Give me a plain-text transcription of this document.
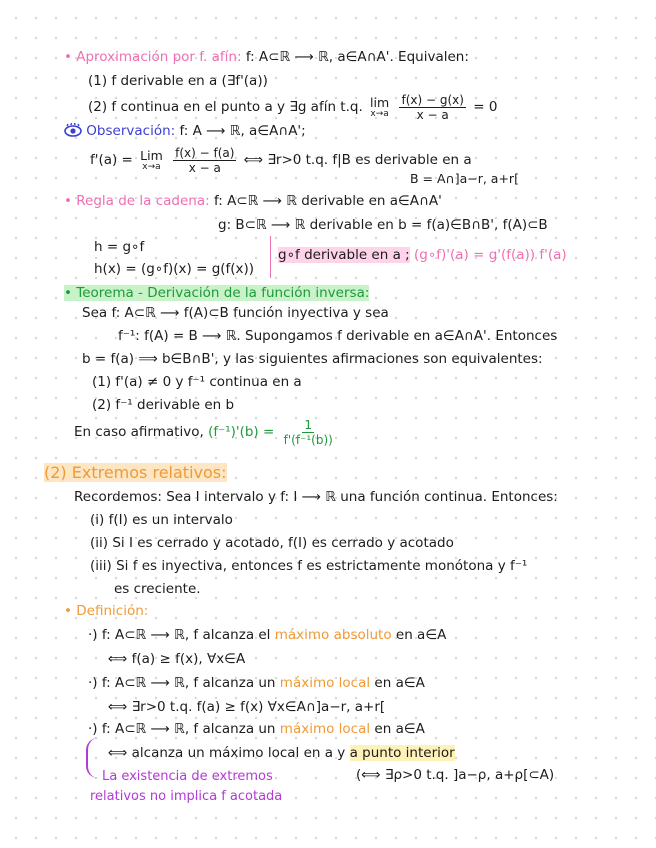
• Aproximación por f. afín: f: A⊂ℝ ⟶ ℝ, a∈A∩A'. Equivalen:
(1) f derivable en a (∃f'(a))
(2) f continua en el punto a y ∃g afín t.q. lim
x→a
$\frac{f(x) - g(x)}{x - a} = 0$
Observación: f: A ⟶ ℝ, a∈A∩A';
f'(a) = Lim
x→a
$\frac{f(x) - f(a)}{x - a}$ ⟺ ∃r>0 t.q. f|B es derivable en a
B = A∩]a−r, a+r[
• Regla de la cadena: f: A⊂ℝ ⟶ ℝ derivable en a∈A∩A'
g: B⊂ℝ ⟶ ℝ derivable en b = f(a)∈B∩B', f(A)⊂B
h = g∘f
h(x) = (g∘f)(x) = g(f(x))
g∘f derivable en a ; (g∘f)'(a) = g'(f(a)) f'(a)
• Teorema - Derivación de la función inversa:
Sea f: A⊂ℝ ⟶ f(A)⊂B función inyectiva y sea
f⁻¹: f(A) = B ⟶ ℝ. Supongamos f derivable en a∈A∩A'. Entonces
b = f(a) ⟹ b∈B∩B', y las siguientes afirmaciones son equivalentes:
(1) f'(a) ≠ 0 y f⁻¹ continua en a
(2) f⁻¹ derivable en b
En caso afirmativo, $(f^{-1})'(b) = \frac{1}{\text{f'(f⁻¹(b))}}$
(2) Extremos relativos:
Recordemos: Sea I intervalo y f: I ⟶ ℝ una función continua. Entonces:
(i) f(I) es un intervalo
(ii) Si I es cerrado y acotado, f(I) es cerrado y acotado
(iii) Si f es inyectiva, entonces f es estrictamente monótona y f⁻¹
es creciente.
• Definición:
·) f: A⊂ℝ ⟶ ℝ, f alcanza el máximo absoluto en a∈A
⟺ f(a) ≥ f(x), ∀x∈A
·) f: A⊂ℝ ⟶ ℝ, f alcanza un máximo local en a∈A
⟺ ∃r>0 t.q. f(a) ≥ f(x) ∀x∈A∩]a−r, a+r[
·) f: A⊂ℝ ⟶ ℝ, f alcanza un máximo local en a∈A
⟺ alcanza un máximo local en a y a punto interior
La existencia de extremos
relativos no implica f acotada
(⟺ ∃ρ>0 t.q. ]a−ρ, a+ρ[⊂A)
